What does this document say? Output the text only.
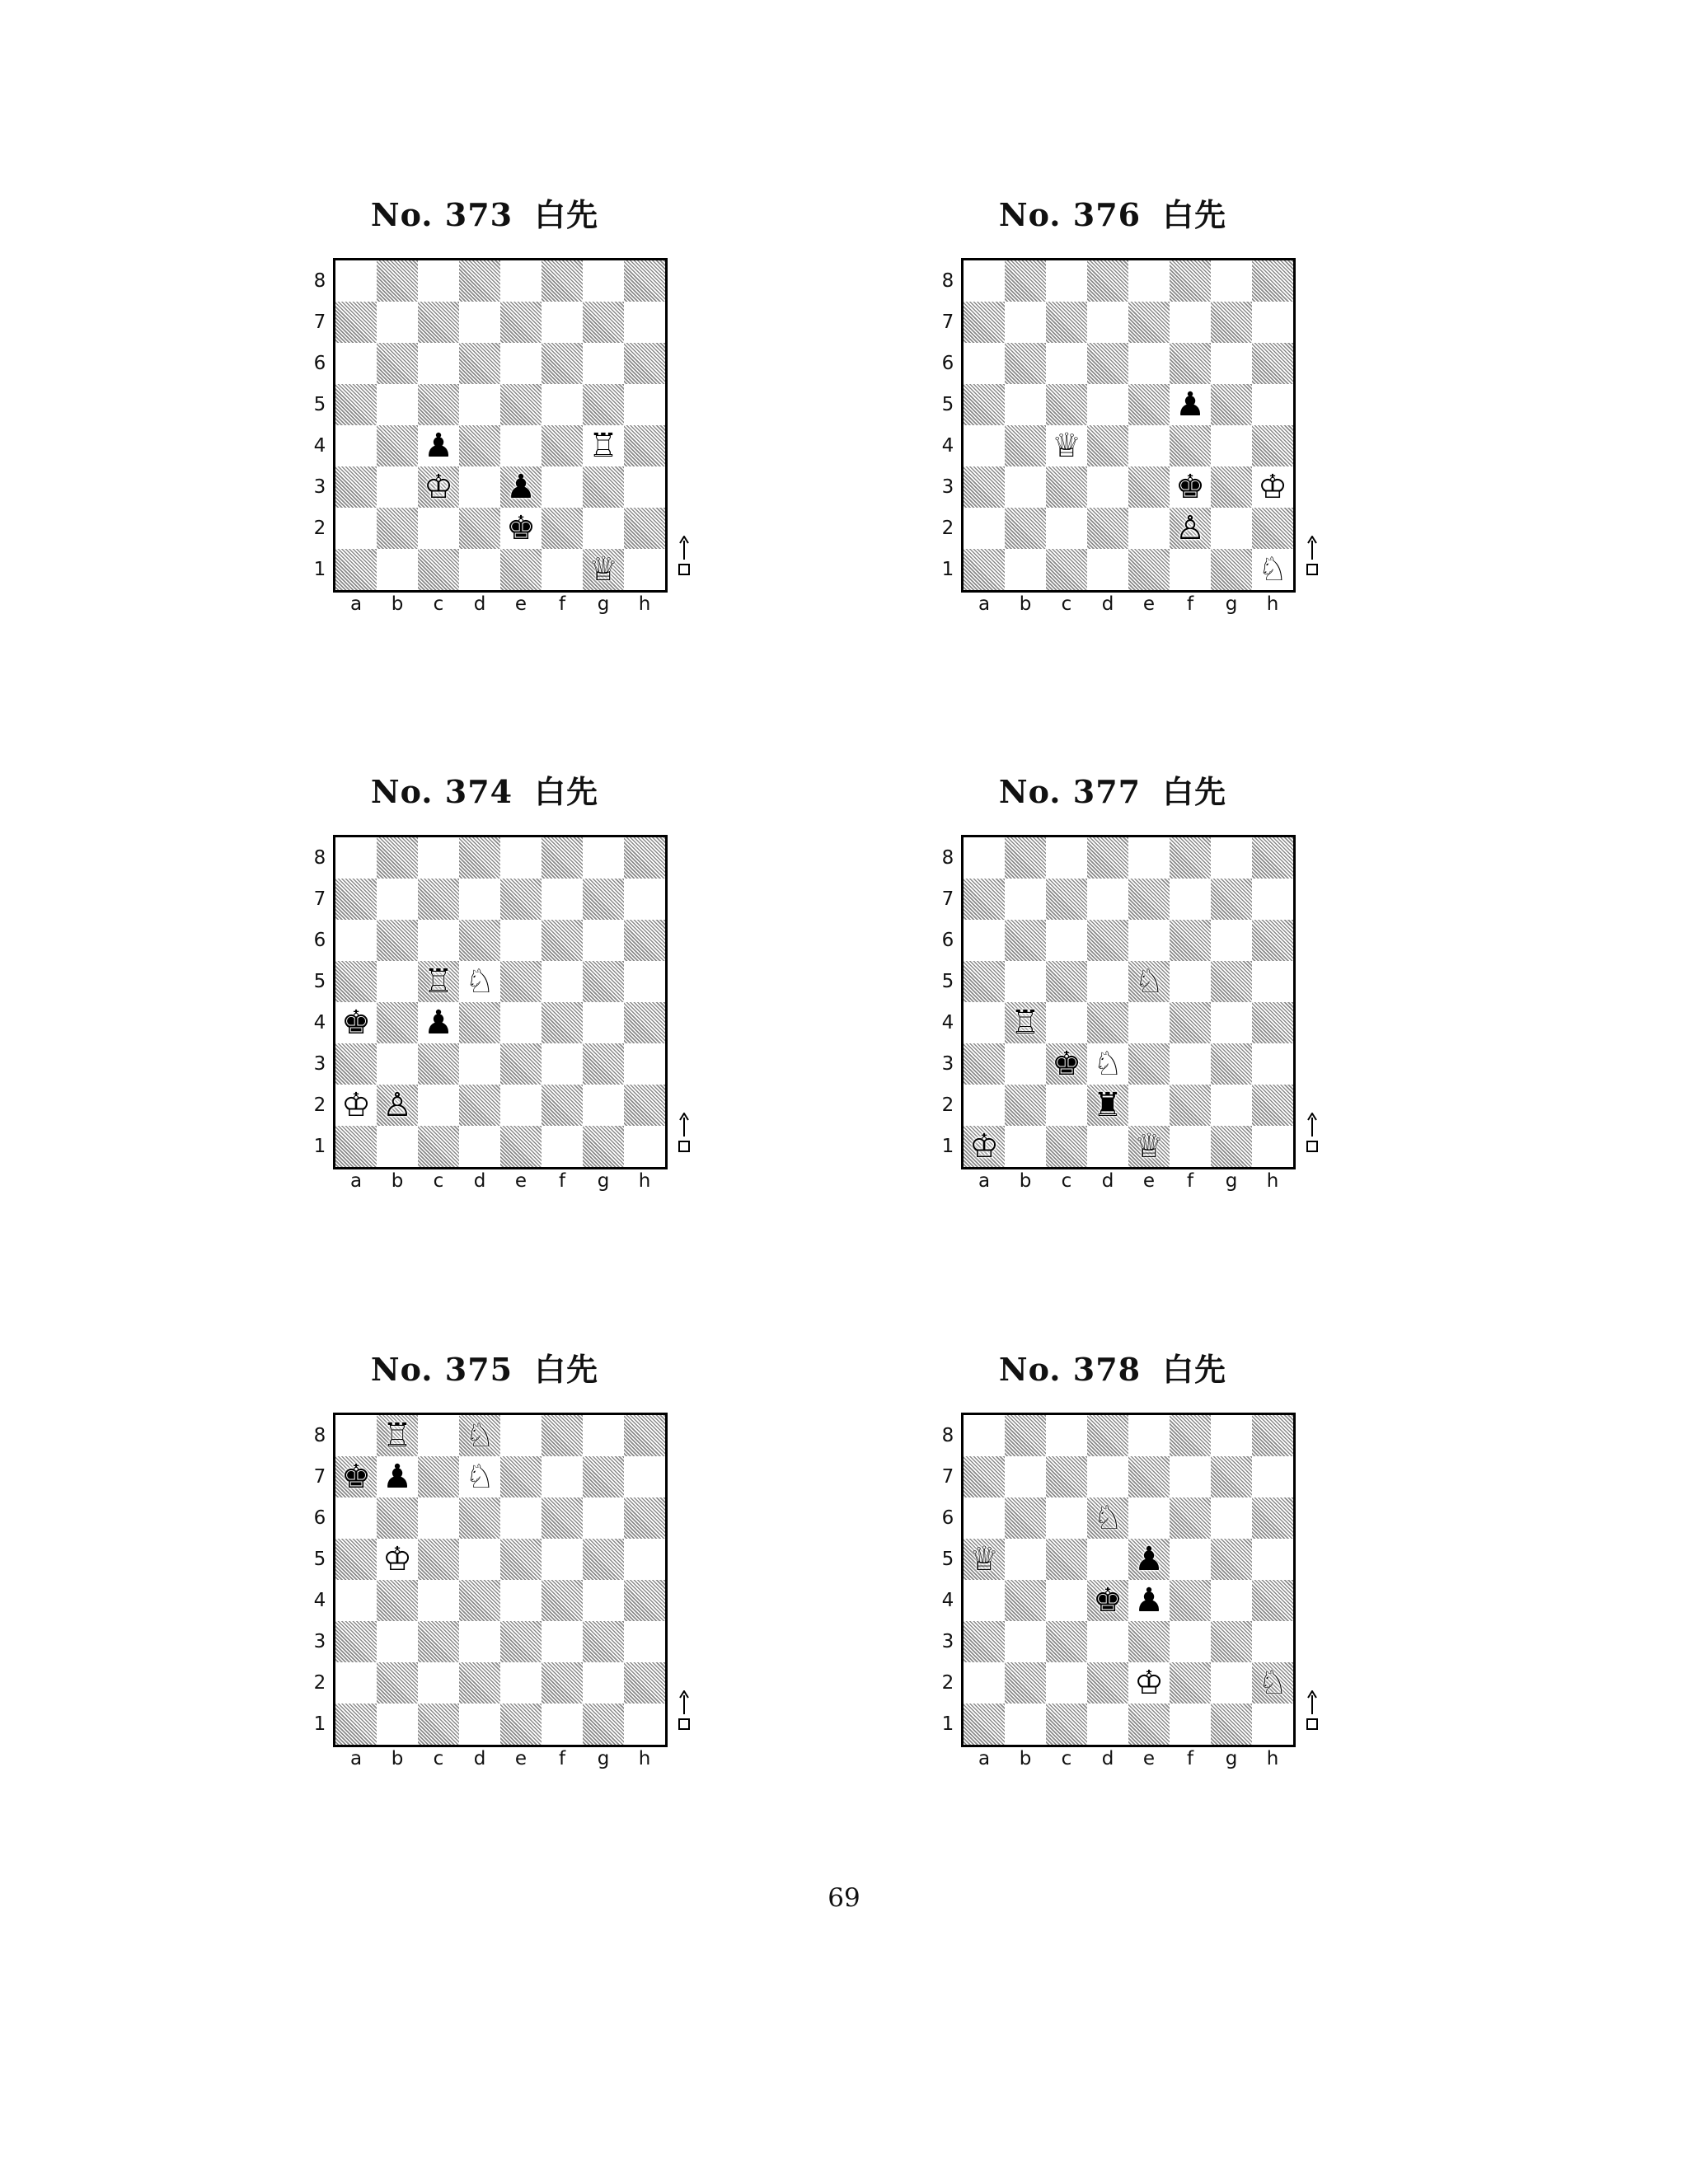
No. 373 白先
8
7
6
5
4
3
2
1
♟	♖
♔ ♟
♚
♕
a	b	c	d	e	f	g	h
No. 374 白先
8
7
6
5
4
3
2
1
♖ ♘
♚ ♟
♔ ♙
a	b	c	d	e	f	g	h
No. 375 白先
8
7
6
5
4
3
2
1
♖ ♘
♚ ♟ ♘
♔
a	b	c	d	e	f	g	h
No. 376 白先
8
7
6
5
4
3
2
1
♟
♕
♚ ♔
♙
♘
a	b	c	d	e	f	g	h
No. 377 白先
8
7
6
5
4
3
2
1
♘
♖
♚ ♘
♜
♔	♕
a	b	c	d	e	f	g	h
No. 378 白先
8
7
6
5
4
3
2
1
♘
♕	♟
♚ ♟
♔	♘
a	b	c	d	e	f	g	h
69
